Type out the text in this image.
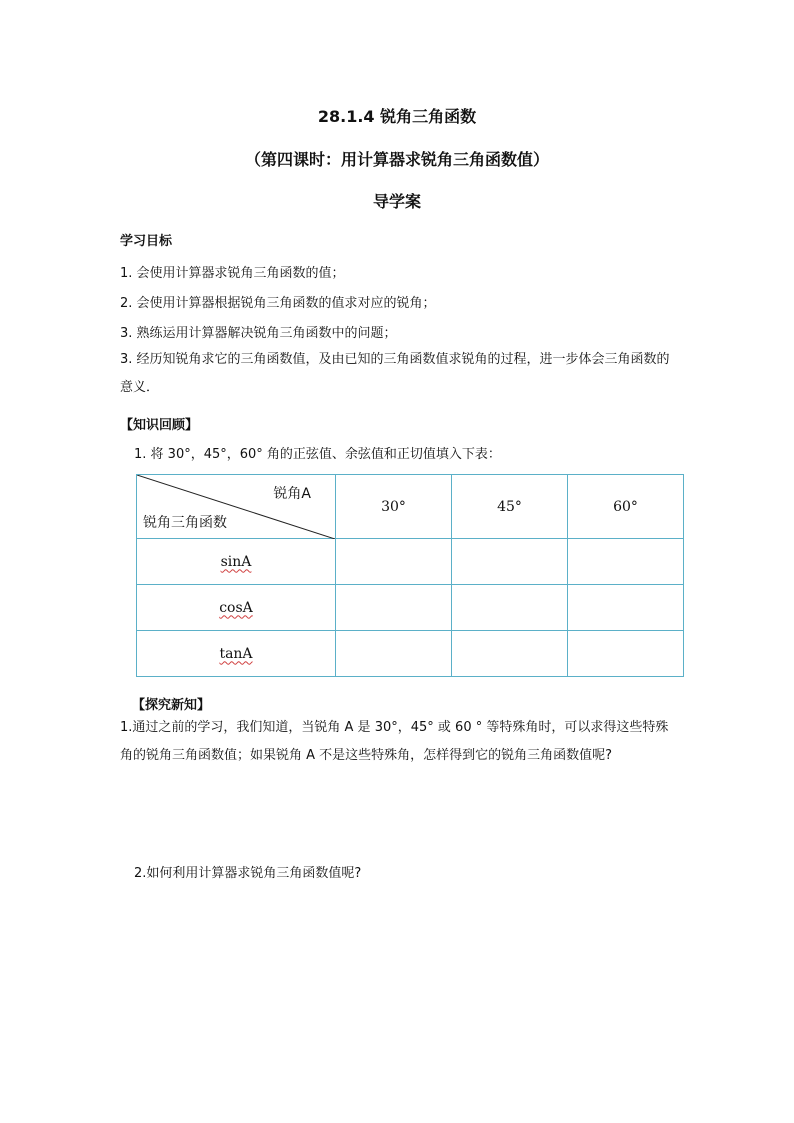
28.1.4 锐角三角函数
（第四课时：用计算器求锐角三角函数值）
导学案
学习目标
1. 会使用计算器求锐角三角函数的值；
2. 会使用计算器根据锐角三角函数的值求对应的锐角；
3. 熟练运用计算器解决锐角三角函数中的问题；
3. 经历知锐角求它的三角函数值，及由已知的三角函数值求锐角的过程，进一步体会三角函数的意义．
【知识回顾】
1. 将 30°，45°，60° 角的正弦值、余弦值和正切值填入下表：
锐角A
锐角三角函数	30°	45°	60°
sinA			
cosA			
tanA			
【探究新知】
1.通过之前的学习，我们知道，当锐角 A 是 30°，45° 或 60 ° 等特殊角时，可以求得这些特殊角的锐角三角函数值；如果锐角 A 不是这些特殊角，怎样得到它的锐角三角函数值呢?
2.如何利用计算器求锐角三角函数值呢?
